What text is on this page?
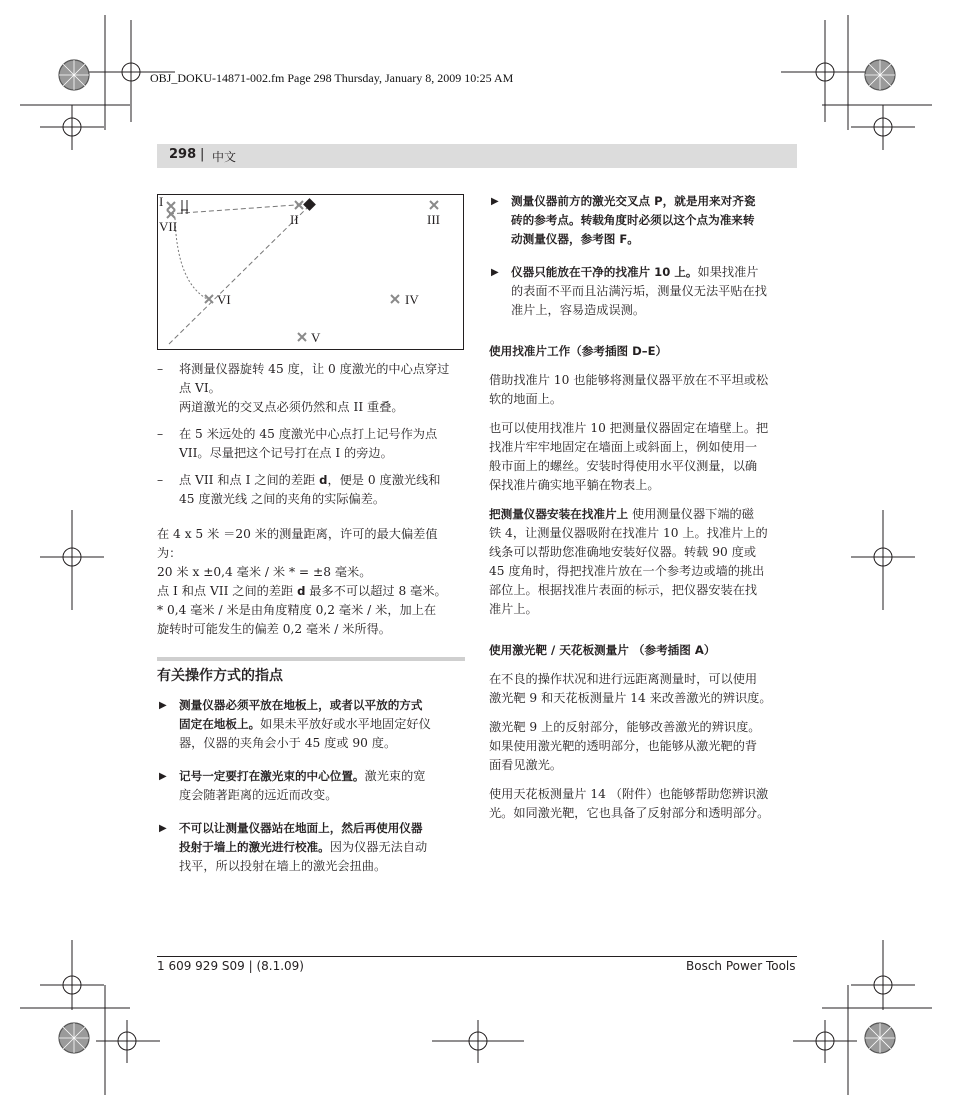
OBJ_DOKU-14871-002.fm Page 298 Thursday, January 8, 2009 10:25 AM
298 | 中文
I
II	III
IV
V
VI
VII
– 将测量仪器旋转 45 度，让 0 度激光的中心点穿过
点 VI。
两道激光的交叉点必须仍然和点 II 重叠。
– 在 5 米远处的 45 度激光中心点打上记号作为点
VII。尽量把这个记号打在点 I 的旁边。
– 点 VII 和点 I 之间的差距 d，便是 0 度激光线和
45 度激光线 之间的夹角的实际偏差。
在 4 x 5 米 ＝20 米的测量距离，许可的最大偏差值
为：
20 米 x ±0,4 毫米 / 米 * = ±8 毫米。
点 I 和点 VII 之间的差距 d 最多不可以超过 8 毫米。
* 0,4 毫米 / 米是由角度精度 0,2 毫米 / 米，加上在
旋转时可能发生的偏差 0,2 毫米 / 米所得。
有关操作方式的指点
▶ 测量仪器必须平放在地板上，或者以平放的方式
固定在地板上。如果未平放好或水平地固定好仪
器，仪器的夹角会小于 45 度或 90 度。
▶ 记号一定要打在激光束的中心位置。激光束的宽
度会随著距离的远近而改变。
▶ 不可以让测量仪器站在地面上，然后再使用仪器
投射于墙上的激光进行校准。因为仪器无法自动
找平，所以投射在墙上的激光会扭曲。
▶ 测量仪器前方的激光交叉点 P，就是用来对齐瓷
砖的参考点。转载角度时必须以这个点为准来转
动测量仪器，参考图 F。
▶ 仪器只能放在干净的找准片 10 上。如果找准片
的表面不平而且沾满污垢，测量仪无法平贴在找
准片上，容易造成误测。
使用找准片工作（参考插图 D–E）
借助找准片 10 也能够将测量仪器平放在不平坦或松
软的地面上。
也可以使用找准片 10 把测量仪器固定在墙壁上。把
找准片牢牢地固定在墙面上或斜面上，例如使用一
般市面上的螺丝。安装时得使用水平仪测量，以确
保找准片确实地平躺在物表上。
把测量仪器安装在找准片上 使用测量仪器下端的磁
铁 4，让测量仪器吸附在找准片 10 上。找准片上的
线条可以帮助您准确地安装好仪器。转载 90 度或
45 度角时，得把找准片放在一个参考边或墙的挑出
部位上。根据找准片表面的标示，把仪器安装在找
准片上。
使用激光靶 / 天花板测量片 （参考插图 A）
在不良的操作状况和进行远距离测量时，可以使用
激光靶 9 和天花板测量片 14 来改善激光的辨识度。
激光靶 9 上的反射部分，能够改善激光的辨识度。
如果使用激光靶的透明部分，也能够从激光靶的背
面看见激光。
使用天花板测量片 14 （附件）也能够帮助您辨识激
光。如同激光靶，它也具备了反射部分和透明部分。
1 609 929 S09 | (8.1.09)	Bosch Power Tools
